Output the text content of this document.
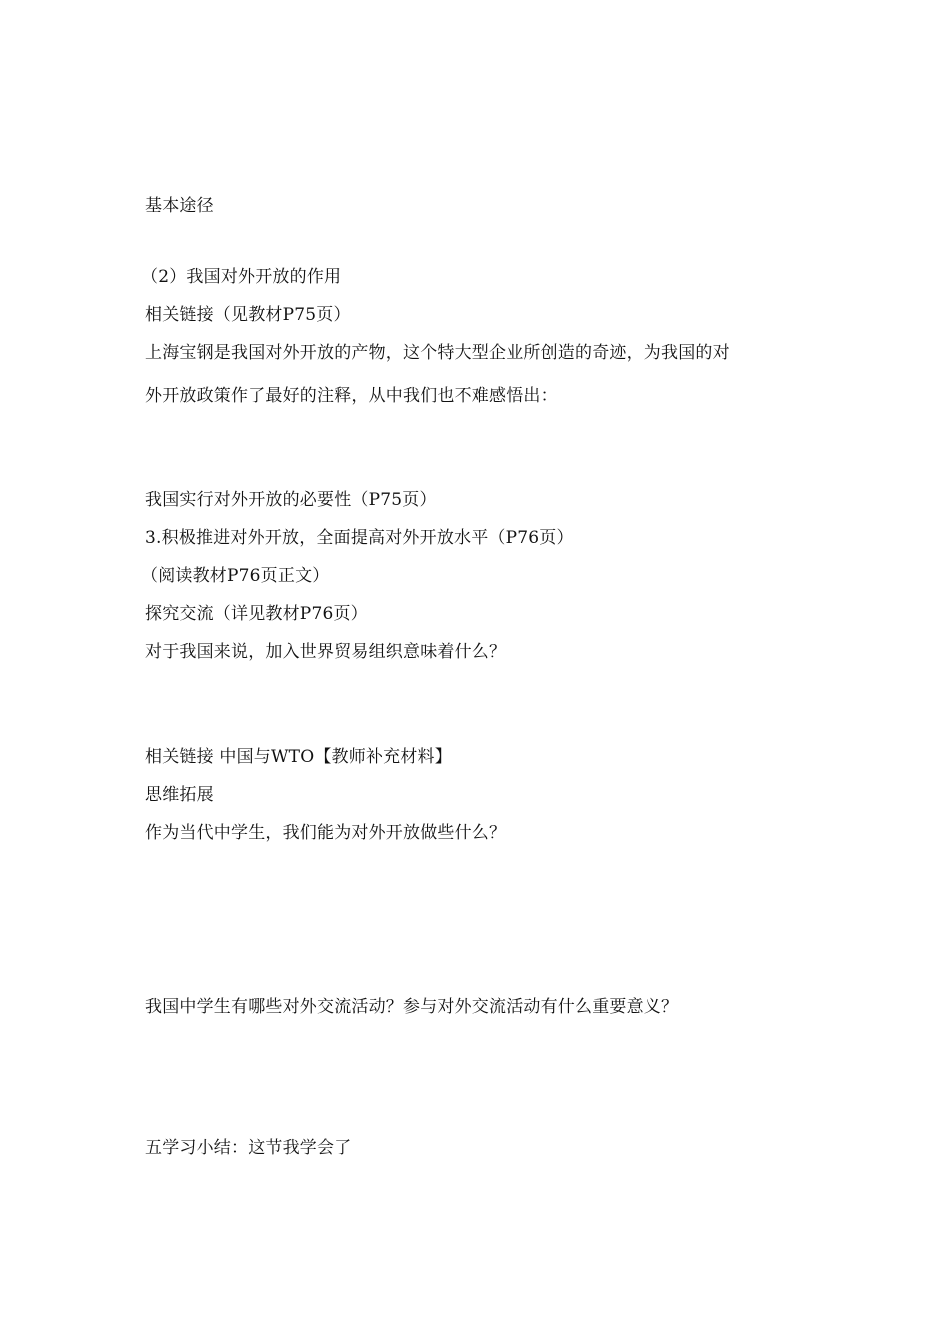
基本途径
（2）我国对外开放的作用
相关链接（见教材P75页）
上海宝钢是我国对外开放的产物，这个特大型企业所创造的奇迹，为我国的对
外开放政策作了最好的注释，从中我们也不难感悟出：
我国实行对外开放的必要性（P75页）
3.积极推进对外开放，全面提高对外开放水平（P76页）
（阅读教材P76页正文）
探究交流（详见教材P76页）
对于我国来说，加入世界贸易组织意味着什么？
相关链接 中国与WTO【教师补充材料】
思维拓展
作为当代中学生，我们能为对外开放做些什么？
我国中学生有哪些对外交流活动？参与对外交流活动有什么重要意义？
五学习小结：这节我学会了
